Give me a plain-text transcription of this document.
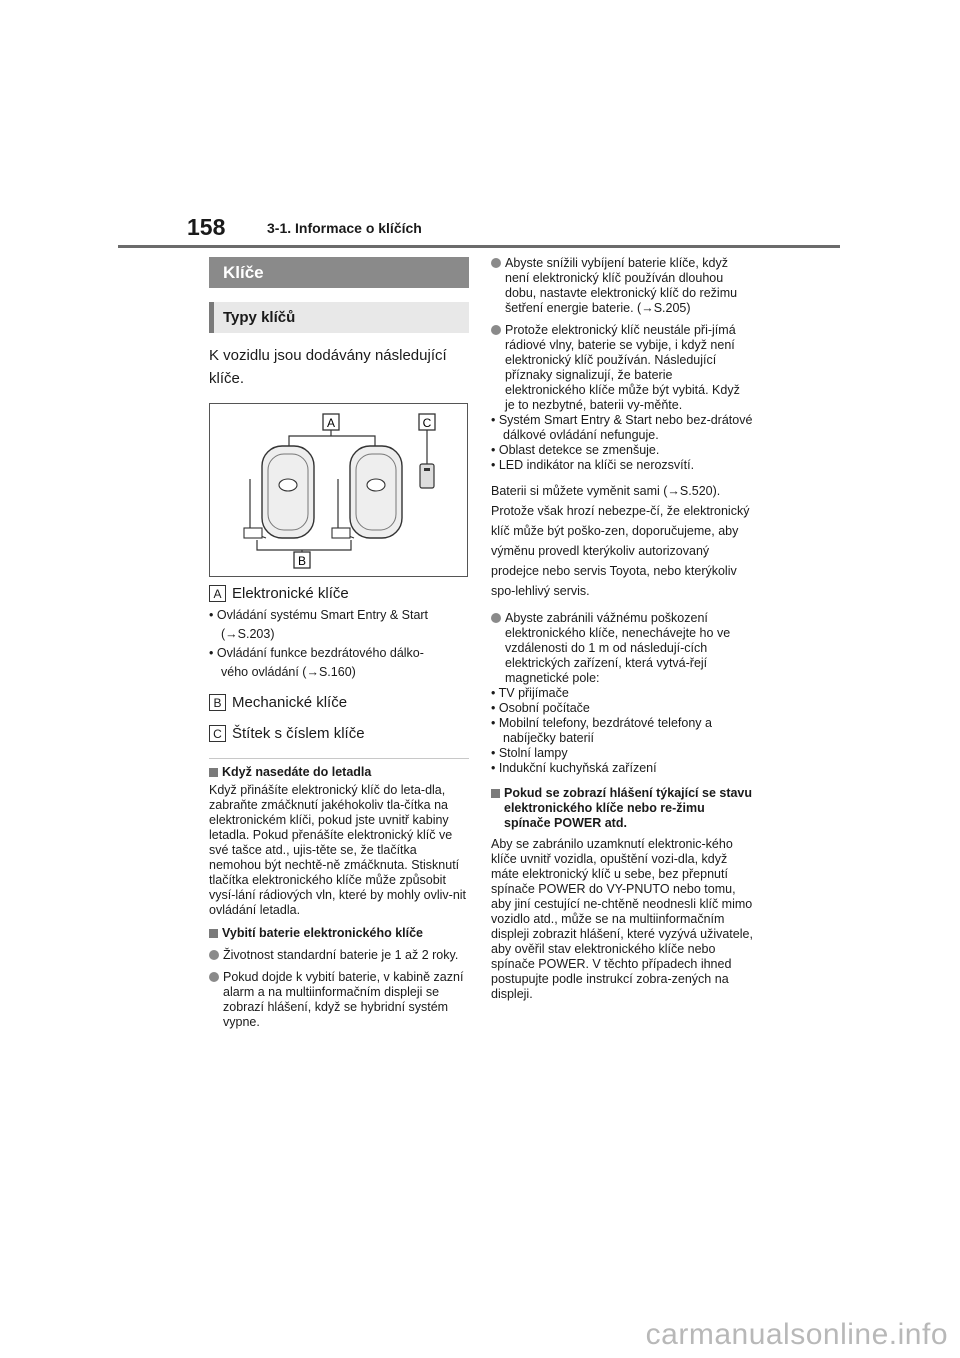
158	3-1. Informace o klíčích
Klíče
Typy klíčů
K vozidlu jsou dodávány následující klíče.
A	C
B
A Elektronické klíče
• Ovládání systému Smart Entry & Start
(→S.203)
• Ovládání funkce bezdrátového dálko-
vého ovládání (→S.160)
B Mechanické klíče
C Štítek s číslem klíče
Když nasedáte do letadla
Když přinášíte elektronický klíč do leta-dla, zabraňte zmáčknutí jakéhokoliv tla-čítka na elektronickém klíči, pokud jste uvnitř kabiny letadla. Pokud přenášíte elektronický klíč ve své tašce atd., ujis-těte se, že tlačítka nemohou být nechtě-ně zmáčknuta. Stisknutí tlačítka elektronického klíče může způsobit vysí-lání rádiových vln, které by mohly ovliv-nit ovládání letadla.
Vybití baterie elektronického klíče
Životnost standardní baterie je 1 až 2 roky.
Pokud dojde k vybití baterie, v kabině zazní alarm a na multiinformačním displeji se zobrazí hlášení, když se hybridní systém vypne.
Abyste snížili vybíjení baterie klíče, když není elektronický klíč používán dlouhou dobu, nastavte elektronický klíč do režimu šetření energie baterie. (→S.205)
Protože elektronický klíč neustále při-jímá rádiové vlny, baterie se vybije, i když není elektronický klíč používán. Následující příznaky signalizují, že baterie elektronického klíče může být vybitá. Když je to nezbytné, baterii vy-měňte.
• Systém Smart Entry & Start nebo bez-drátové dálkové ovládání nefunguje.
• Oblast detekce se zmenšuje.
• LED indikátor na klíči se nerozsvítí.
Baterii si můžete vyměnit sami (→S.520). Protože však hrozí nebezpe-čí, že elektronický klíč může být poško-zen, doporučujeme, aby výměnu provedl kterýkoliv autorizovaný prodejce nebo servis Toyota, nebo kterýkoliv spo-lehlivý servis.
Abyste zabránili vážnému poškození elektronického klíče, nenechávejte ho ve vzdálenosti do 1 m od následují-cích elektrických zařízení, která vytvá-řejí magnetické pole:
• TV přijímače
• Osobní počítače
• Mobilní telefony, bezdrátové telefony a nabíječky baterií
• Stolní lampy
• Indukční kuchyňská zařízení
Pokud se zobrazí hlášení týkající se stavu elektronického klíče nebo re-žimu spínače POWER atd.
Aby se zabránilo uzamknutí elektronic-kého klíče uvnitř vozidla, opuštění vozi-dla, když máte elektronický klíč u sebe, bez přepnutí spínače POWER do VY-PNUTO nebo tomu, aby jiní cestující ne-chtěně neodnesli klíč mimo vozidlo atd., může se na multiinformačním displeji zobrazit hlášení, které vyzývá uživatele, aby ověřil stav elektronického klíče nebo spínače POWER. V těchto případech ihned postupujte podle instrukcí zobra-zených na displeji.
carmanualsonline.info
